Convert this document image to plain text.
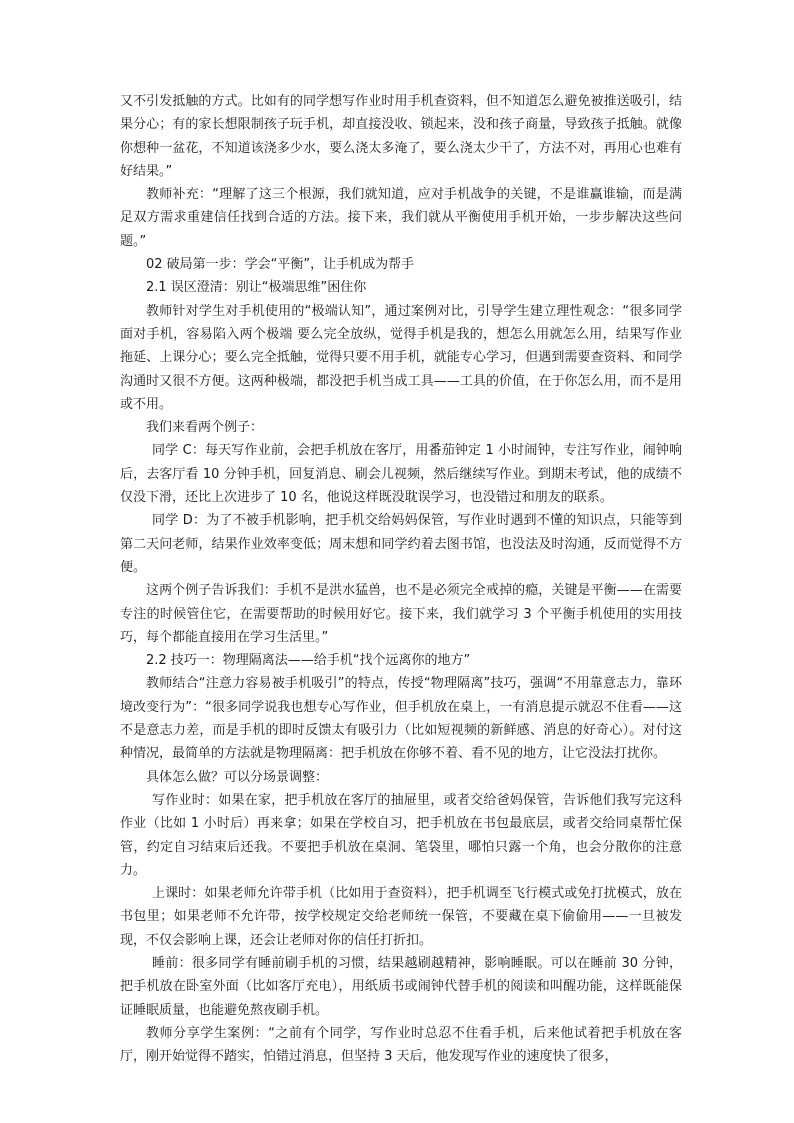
又不引发抵触的方式。比如有的同学想写作业时用手机查资料，但不知道怎么避免被推送吸引，结果分心；有的家长想限制孩子玩手机，却直接没收、锁起来，没和孩子商量，导致孩子抵触。就像你想种一盆花，不知道该浇多少水，要么浇太多淹了，要么浇太少干了，方法不对，再用心也难有好结果。”

教师补充：“理解了这三个根源，我们就知道，应对手机战争的关键，不是谁赢谁输，而是满足双方需求重建信任找到合适的方法。接下来，我们就从平衡使用手机开始，一步步解决这些问题。”

02 破局第一步：学会“平衡”，让手机成为帮手

2.1 误区澄清：别让“极端思维”困住你

教师针对学生对手机使用的“极端认知”，通过案例对比，引导学生建立理性观念：“很多同学面对手机，容易陷入两个极端 要么完全放纵，觉得手机是我的，想怎么用就怎么用，结果写作业拖延、上课分心；要么完全抵触，觉得只要不用手机，就能专心学习，但遇到需要查资料、和同学沟通时又很不方便。这两种极端，都没把手机当成工具——工具的价值，在于你怎么用，而不是用或不用。

我们来看两个例子：

同学 C：每天写作业前，会把手机放在客厅，用番茄钟定 1 小时闹钟，专注写作业，闹钟响后，去客厅看 10 分钟手机，回复消息、刷会儿视频，然后继续写作业。到期末考试，他的成绩不仅没下滑，还比上次进步了 10 名，他说这样既没耽误学习，也没错过和朋友的联系。

同学 D：为了不被手机影响，把手机交给妈妈保管，写作业时遇到不懂的知识点，只能等到第二天问老师，结果作业效率变低；周末想和同学约着去图书馆，也没法及时沟通，反而觉得不方便。

这两个例子告诉我们：手机不是洪水猛兽，也不是必须完全戒掉的瘾，关键是平衡——在需要专注的时候管住它，在需要帮助的时候用好它。接下来，我们就学习 3 个平衡手机使用的实用技巧，每个都能直接用在学习生活里。”

2.2 技巧一：物理隔离法——给手机“找个远离你的地方”

教师结合“注意力容易被手机吸引”的特点，传授“物理隔离”技巧，强调“不用靠意志力，靠环境改变行为”：“很多同学说我也想专心写作业，但手机放在桌上，一有消息提示就忍不住看——这不是意志力差，而是手机的即时反馈太有吸引力（比如短视频的新鲜感、消息的好奇心）。对付这种情况，最简单的方法就是物理隔离：把手机放在你够不着、看不见的地方，让它没法打扰你。

具体怎么做？可以分场景调整：

写作业时：如果在家，把手机放在客厅的抽屉里，或者交给爸妈保管，告诉他们我写完这科作业（比如 1 小时后）再来拿；如果在学校自习，把手机放在书包最底层，或者交给同桌帮忙保管，约定自习结束后还我。不要把手机放在桌洞、笔袋里，哪怕只露一个角，也会分散你的注意力。

上课时：如果老师允许带手机（比如用于查资料），把手机调至飞行模式或免打扰模式，放在书包里；如果老师不允许带，按学校规定交给老师统一保管，不要藏在桌下偷偷用——一旦被发现，不仅会影响上课，还会让老师对你的信任打折扣。

睡前：很多同学有睡前刷手机的习惯，结果越刷越精神，影响睡眠。可以在睡前 30 分钟，把手机放在卧室外面（比如客厅充电），用纸质书或闹钟代替手机的阅读和叫醒功能，这样既能保证睡眠质量，也能避免熬夜刷手机。

教师分享学生案例：“之前有个同学，写作业时总忍不住看手机，后来他试着把手机放在客厅，刚开始觉得不踏实，怕错过消息，但坚持 3 天后，他发现写作业的速度快了很多，
